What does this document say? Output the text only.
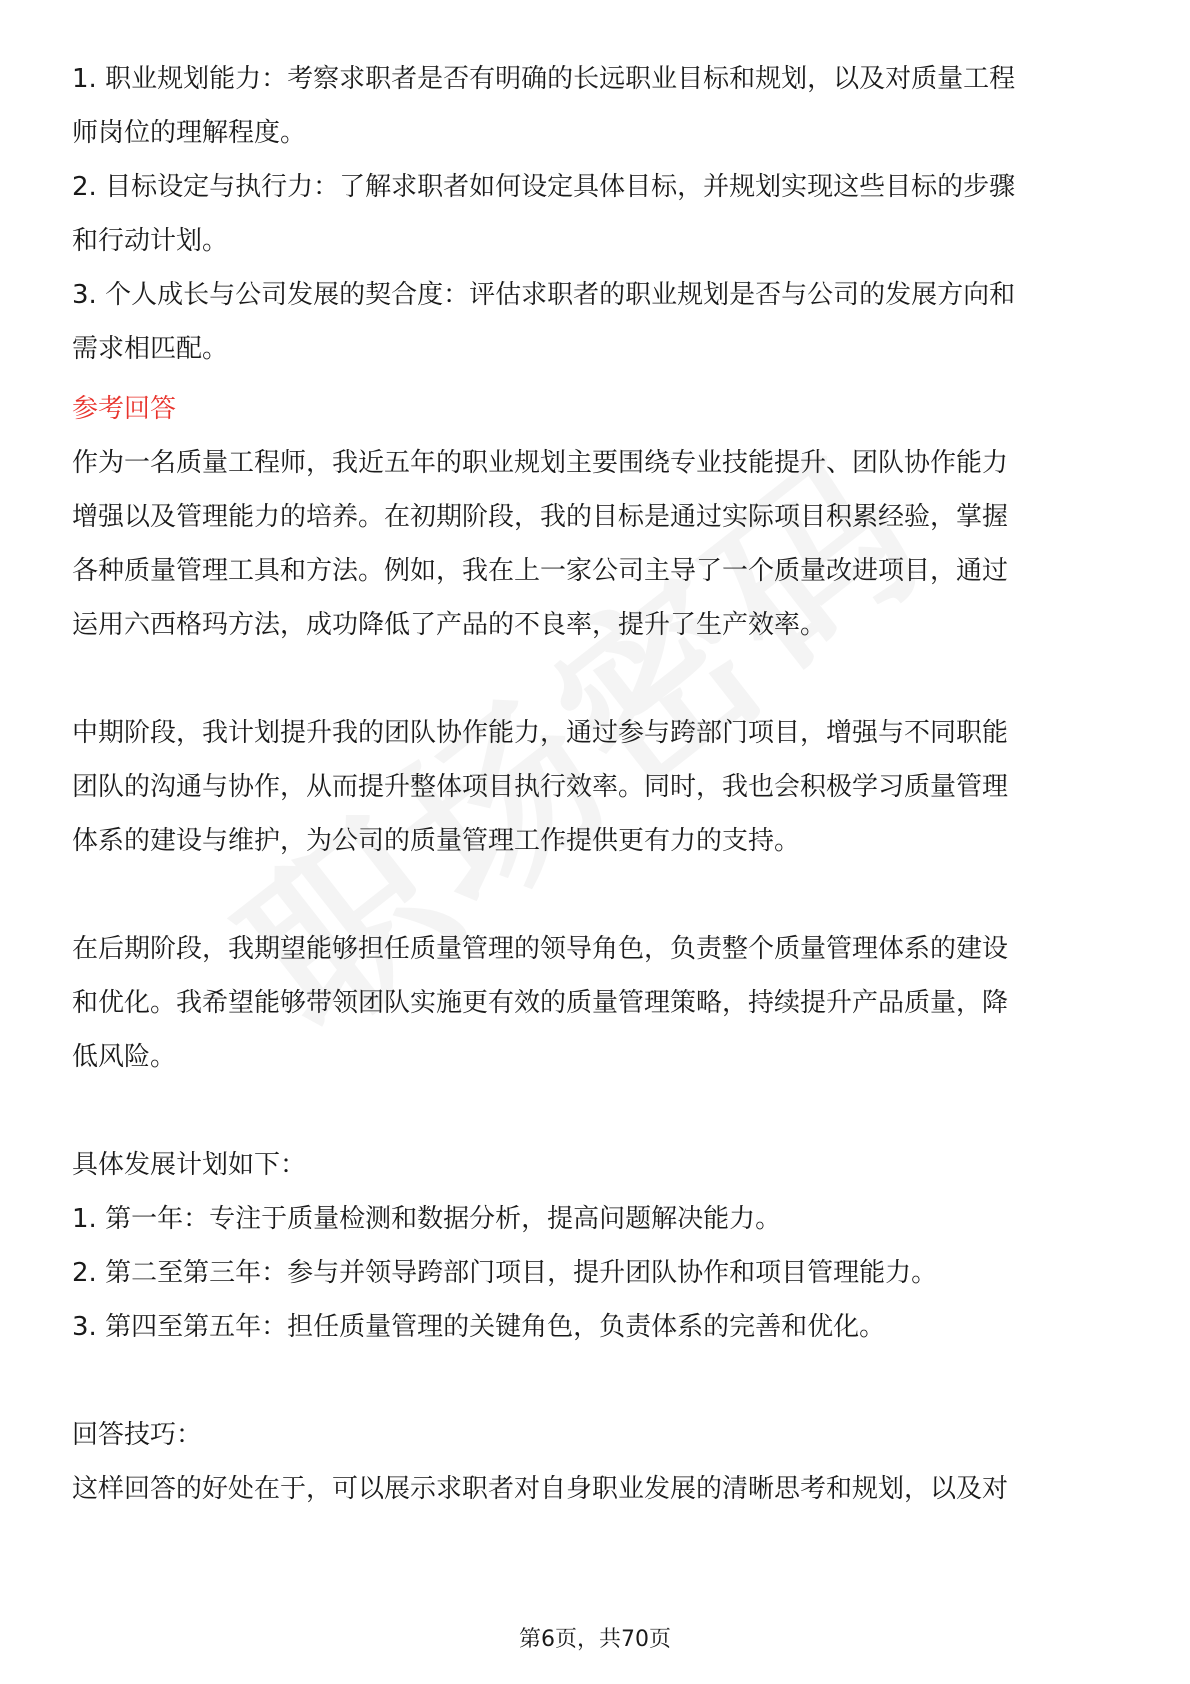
1. 职业规划能力：考察求职者是否有明确的长远职业目标和规划，以及对质量工程

师岗位的理解程度。

2. 目标设定与执行力：了解求职者如何设定具体目标，并规划实现这些目标的步骤

和行动计划。

3. 个人成长与公司发展的契合度：评估求职者的职业规划是否与公司的发展方向和

需求相匹配。

参考回答

作为一名质量工程师，我近五年的职业规划主要围绕专业技能提升、团队协作能力

增强以及管理能力的培养。在初期阶段，我的目标是通过实际项目积累经验，掌握

各种质量管理工具和方法。例如，我在上一家公司主导了一个质量改进项目，通过

运用六西格玛方法，成功降低了产品的不良率，提升了生产效率。

中期阶段，我计划提升我的团队协作能力，通过参与跨部门项目，增强与不同职能

团队的沟通与协作，从而提升整体项目执行效率。同时，我也会积极学习质量管理

体系的建设与维护，为公司的质量管理工作提供更有力的支持。

在后期阶段，我期望能够担任质量管理的领导角色，负责整个质量管理体系的建设

和优化。我希望能够带领团队实施更有效的质量管理策略，持续提升产品质量，降

低风险。

具体发展计划如下：

1. 第一年：专注于质量检测和数据分析，提高问题解决能力。

2. 第二至第三年：参与并领导跨部门项目，提升团队协作和项目管理能力。

3. 第四至第五年：担任质量管理的关键角色，负责体系的完善和优化。

回答技巧：

这样回答的好处在于，可以展示求职者对自身职业发展的清晰思考和规划，以及对

第6页，共70页
